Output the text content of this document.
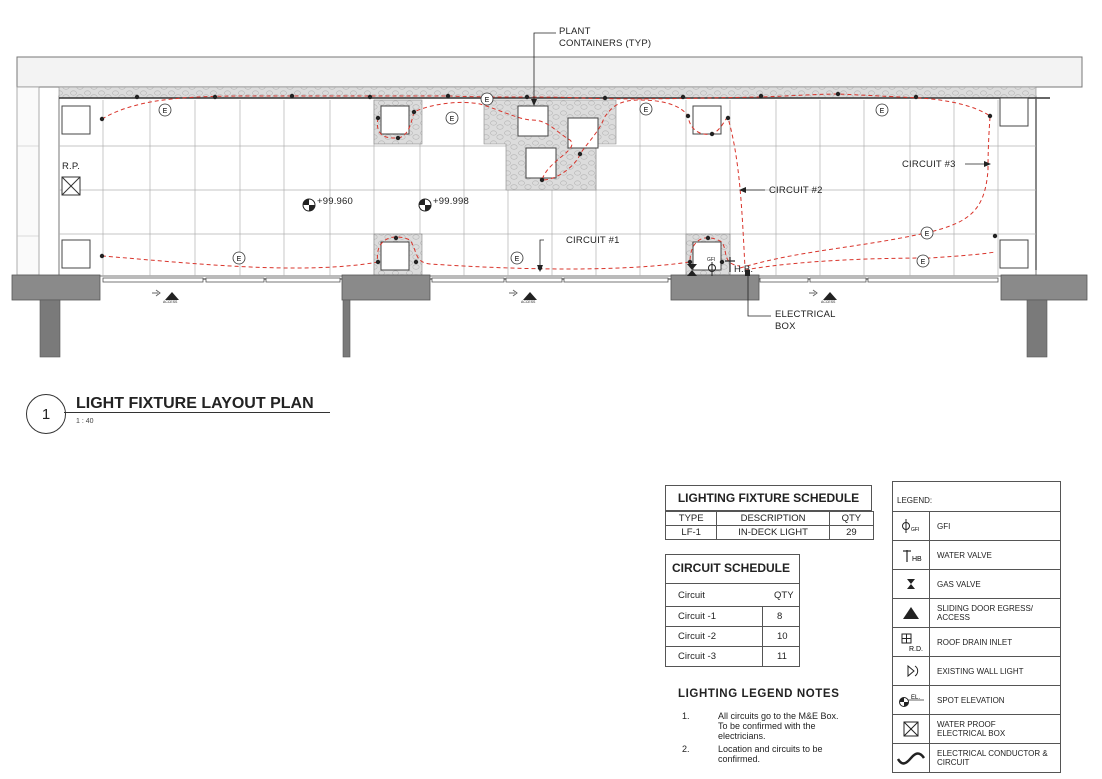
E
E
E
E	E
E	E
E
E
PLANT
CONTAINERS (TYP)
R.P.
+99.960	+99.998
CIRCUIT #1
CIRCUIT #2
CIRCUIT #3
H.B.
GFI
ELECTRICAL
BOX
ACCESS	ACCESS	ACCESS
1
LIGHT FIXTURE LAYOUT PLAN
1 : 40
LIGHTING FIXTURE SCHEDULE
TYPE	DESCRIPTION	QTY
LF-1	IN-DECK LIGHT	29
CIRCUIT SCHEDULE
Circuit	QTY
Circuit -1	8
Circuit -2	10
Circuit -3	11
LIGHTING LEGEND NOTES
1.	All circuits go to the M&E Box. To be confirmed with the electricians.
2.	Location and circuits to be confirmed.
LEGEND:
GFI	GFI
HB	WATER VALVE
GAS VALVE
SLIDING DOOR EGRESS/
ACCESS
R.D.
ROOF DRAIN INLET
EXISTING WALL LIGHT
EL.	SPOT ELEVATION
WATER PROOF
ELECTRICAL BOX
ELECTRICAL CONDUCTOR &
CIRCUIT
